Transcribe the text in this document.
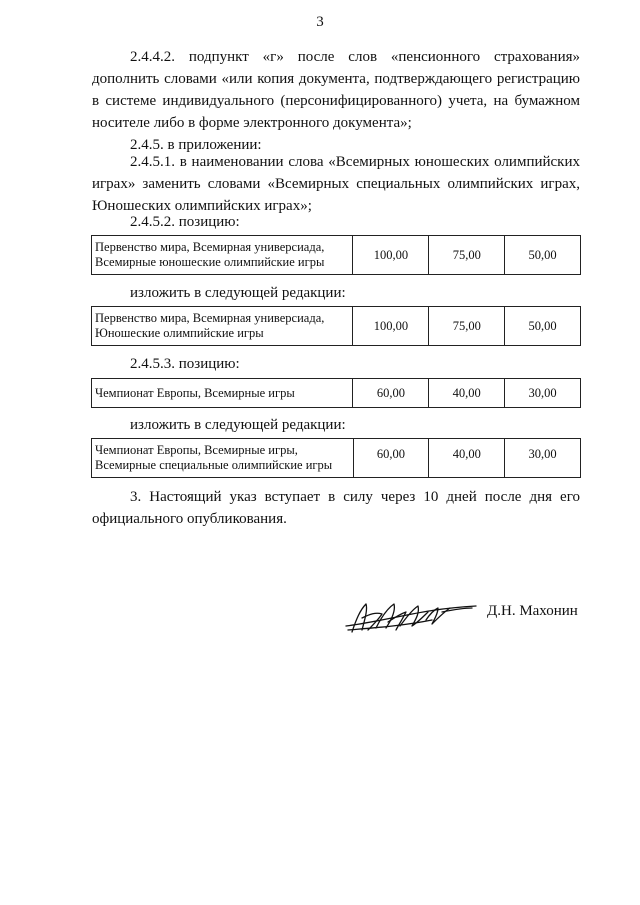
3

2.4.4.2. подпункт «г» после слов «пенсионного страхования» дополнить словами «или копия документа, подтверждающего регистрацию в системе индивидуального (персонифицированного) учета, на бумажном носителе либо в форме электронного документа»;

2.4.5. в приложении:

2.4.5.1. в наименовании слова «Всемирных юношеских олимпийских играх» заменить словами «Всемирных специальных олимпийских играх, Юношеских олимпийских играх»;

2.4.5.2. позицию:

Первенство мира, Всемирная универсиада, Всемирные юношеские олимпийские игры	100,00	75,00	50,00

изложить в следующей редакции:

Первенство мира, Всемирная универсиада, Юношеские олимпийские игры	100,00	75,00	50,00

2.4.5.3. позицию:

Чемпионат Европы, Всемирные игры	60,00	40,00	30,00

изложить в следующей редакции:

Чемпионат Европы, Всемирные игры, Всемирные специальные олимпийские игры	60,00	40,00	30,00

3. Настоящий указ вступает в силу через 10 дней после дня его официального опубликования.

Д.Н. Махонин
